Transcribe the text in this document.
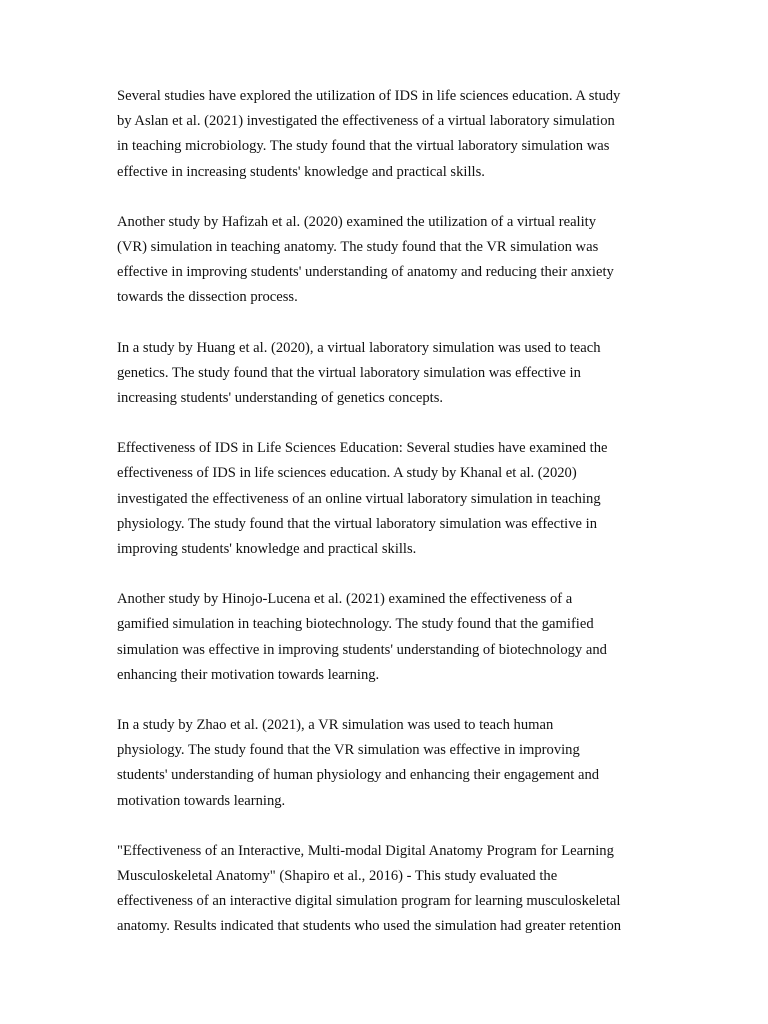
Several studies have explored the utilization of IDS in life sciences education. A study
by Aslan et al. (2021) investigated the effectiveness of a virtual laboratory simulation
in teaching microbiology. The study found that the virtual laboratory simulation was
effective in increasing students' knowledge and practical skills.

Another study by Hafizah et al. (2020) examined the utilization of a virtual reality
(VR) simulation in teaching anatomy. The study found that the VR simulation was
effective in improving students' understanding of anatomy and reducing their anxiety
towards the dissection process.

In a study by Huang et al. (2020), a virtual laboratory simulation was used to teach
genetics. The study found that the virtual laboratory simulation was effective in
increasing students' understanding of genetics concepts.

Effectiveness of IDS in Life Sciences Education: Several studies have examined the
effectiveness of IDS in life sciences education. A study by Khanal et al. (2020)
investigated the effectiveness of an online virtual laboratory simulation in teaching
physiology. The study found that the virtual laboratory simulation was effective in
improving students' knowledge and practical skills.

Another study by Hinojo-Lucena et al. (2021) examined the effectiveness of a
gamified simulation in teaching biotechnology. The study found that the gamified
simulation was effective in improving students' understanding of biotechnology and
enhancing their motivation towards learning.

In a study by Zhao et al. (2021), a VR simulation was used to teach human
physiology. The study found that the VR simulation was effective in improving
students' understanding of human physiology and enhancing their engagement and
motivation towards learning.

"Effectiveness of an Interactive, Multi-modal Digital Anatomy Program for Learning
Musculoskeletal Anatomy" (Shapiro et al., 2016) - This study evaluated the
effectiveness of an interactive digital simulation program for learning musculoskeletal
anatomy. Results indicated that students who used the simulation had greater retention
